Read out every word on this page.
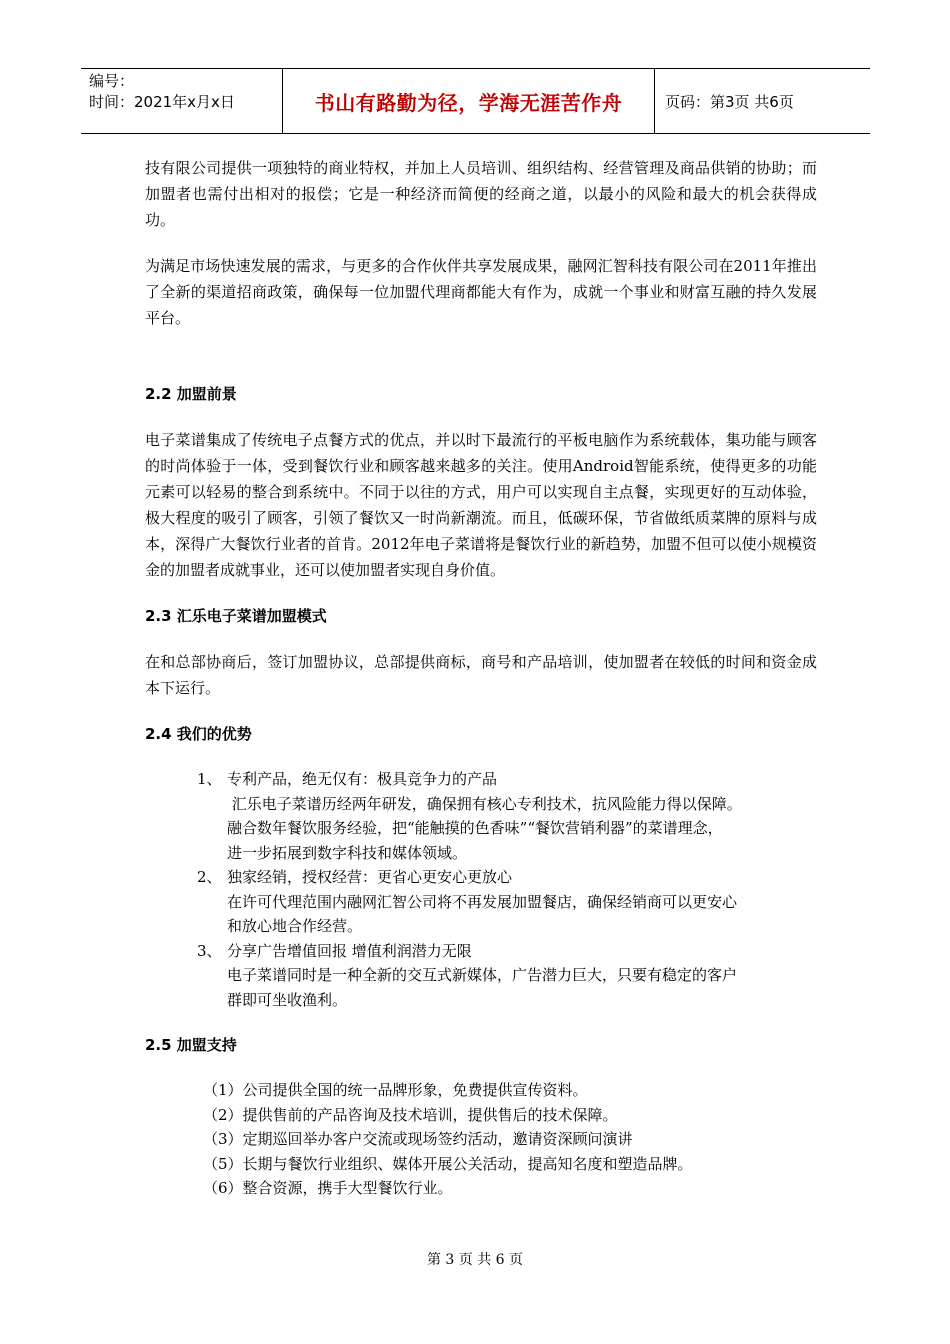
编号：
时间：2021年x月x日	书山有路勤为径，学海无涯苦作舟	页码：第3页 共6页

技有限公司提供一项独特的商业特权，并加上人员培训、组织结构、经营管理及商品供销的协助；而加盟者也需付出相对的报偿；它是一种经济而简便的经商之道，以最小的风险和最大的机会获得成功。

为满足市场快速发展的需求，与更多的合作伙伴共享发展成果，融网汇智科技有限公司在2011年推出了全新的渠道招商政策，确保每一位加盟代理商都能大有作为，成就一个事业和财富互融的持久发展平台。

2.2 加盟前景

电子菜谱集成了传统电子点餐方式的优点，并以时下最流行的平板电脑作为系统载体，集功能与顾客的时尚体验于一体，受到餐饮行业和顾客越来越多的关注。使用Android智能系统，使得更多的功能元素可以轻易的整合到系统中。不同于以往的方式，用户可以实现自主点餐，实现更好的互动体验，极大程度的吸引了顾客，引领了餐饮又一时尚新潮流。而且，低碳环保，节省做纸质菜牌的原料与成本，深得广大餐饮行业者的首肯。2012年电子菜谱将是餐饮行业的新趋势，加盟不但可以使小规模资金的加盟者成就事业，还可以使加盟者实现自身价值。

2.3 汇乐电子菜谱加盟模式

在和总部协商后，签订加盟协议，总部提供商标，商号和产品培训，使加盟者在较低的时间和资金成本下运行。

2.4 我们的优势
1、 专利产品，绝无仅有：极具竞争力的产品
汇乐电子菜谱历经两年研发，确保拥有核心专利技术，抗风险能力得以保障。
融合数年餐饮服务经验，把“能触摸的色香味”“餐饮营销利器”的菜谱理念，
进一步拓展到数字科技和媒体领域。
2、 独家经销，授权经营：更省心更安心更放心
在许可代理范围内融网汇智公司将不再发展加盟餐店，确保经销商可以更安心
和放心地合作经营。
3、 分享广告增值回报 增值利润潜力无限
电子菜谱同时是一种全新的交互式新媒体，广告潜力巨大，只要有稳定的客户
群即可坐收渔利。
2.5 加盟支持
（1）公司提供全国的统一品牌形象，免费提供宣传资料。
（2）提供售前的产品咨询及技术培训，提供售后的技术保障。
（3）定期巡回举办客户交流或现场签约活动，邀请资深顾问演讲
（5）长期与餐饮行业组织、媒体开展公关活动，提高知名度和塑造品牌。
（6）整合资源，携手大型餐饮行业。
第 3 页 共 6 页
